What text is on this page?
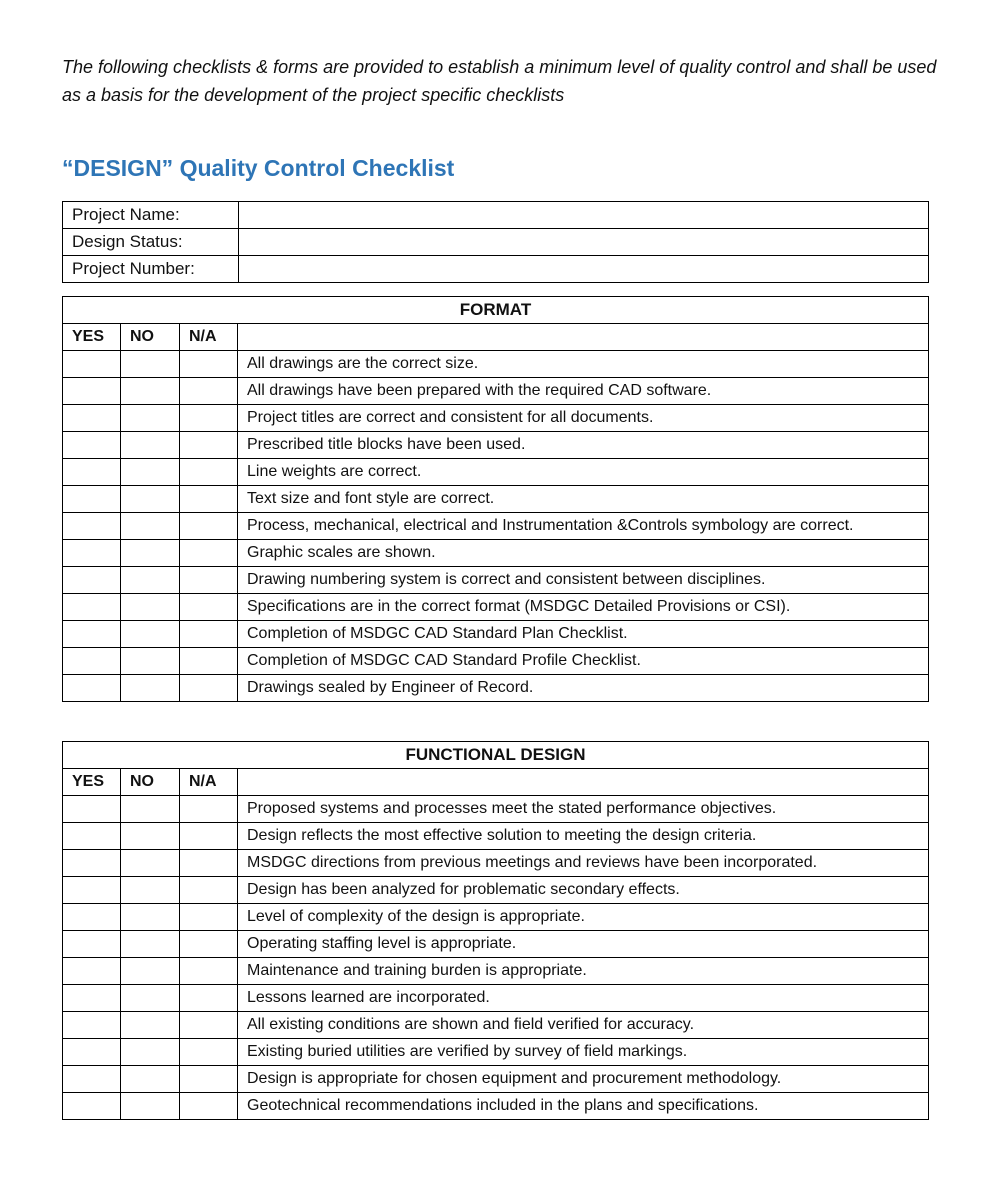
The following checklists & forms are provided to establish a minimum level of quality control and shall be used as a basis for the development of the project specific checklists
“DESIGN” Quality Control Checklist
Project Name:	
Design Status:	
Project Number:	
FORMAT			
YES	NO	N/A	
			All drawings are the correct size.
			All drawings have been prepared with the required CAD software.
			Project titles are correct and consistent for all documents.
			Prescribed title blocks have been used.
			Line weights are correct.
			Text size and font style are correct.
			Process, mechanical, electrical and Instrumentation &Controls symbology are correct.
			Graphic scales are shown.
			Drawing numbering system is correct and consistent between disciplines.
			Specifications are in the correct format (MSDGC Detailed Provisions or CSI).
			Completion of MSDGC CAD Standard Plan Checklist.
			Completion of MSDGC CAD Standard Profile Checklist.
			Drawings sealed by Engineer of Record.
FUNCTIONAL DESIGN			
YES	NO	N/A	
			Proposed systems and processes meet the stated performance objectives.
			Design reflects the most effective solution to meeting the design criteria.
			MSDGC directions from previous meetings and reviews have been incorporated.
			Design has been analyzed for problematic secondary effects.
			Level of complexity of the design is appropriate.
			Operating staffing level is appropriate.
			Maintenance and training burden is appropriate.
			Lessons learned are incorporated.
			All existing conditions are shown and field verified for accuracy.
			Existing buried utilities are verified by survey of field markings.
			Design is appropriate for chosen equipment and procurement methodology.
			Geotechnical recommendations included in the plans and specifications.
